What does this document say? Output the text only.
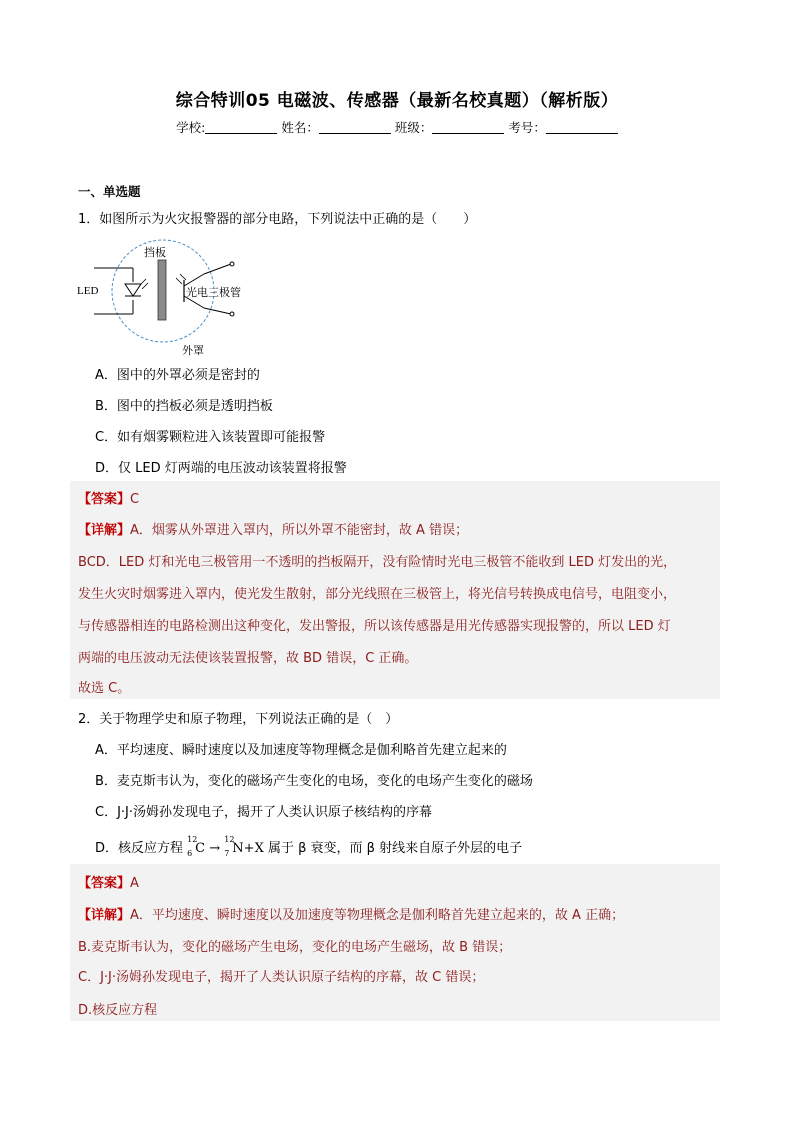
综合特训05 电磁波、传感器（最新名校真题）（解析版）
学校:	姓名：	班级：	考号：
一、单选题
1．如图所示为火灾报警器的部分电路，下列说法中正确的是（　　）
LED
挡板
光电三极管
外罩
A．图中的外罩必须是密封的
B．图中的挡板必须是透明挡板
C．如有烟雾颗粒进入该装置即可能报警
D．仅 LED 灯两端的电压波动该装置将报警
【答案】C
【详解】A．烟雾从外罩进入罩内，所以外罩不能密封，故 A 错误；
BCD．LED 灯和光电三极管用一不透明的挡板隔开，没有险情时光电三极管不能收到 LED 灯发出的光，
发生火灾时烟雾进入罩内，使光发生散射，部分光线照在三极管上，将光信号转换成电信号，电阻变小，
与传感器相连的电路检测出这种变化，发出警报，所以该传感器是用光传感器实现报警的，所以 LED 灯
两端的电压波动无法使该装置报警，故 BD 错误，C 正确。
故选 C。
2．关于物理学史和原子物理，下列说法正确的是（　）
A．平均速度、瞬时速度以及加速度等物理概念是伽利略首先建立起来的
B．麦克斯韦认为，变化的磁场产生变化的电场，变化的电场产生变化的磁场
C．J·J·汤姆孙发现电子，揭开了人类认识原子核结构的序幕
D．核反应方程
12
6 C →
12
7 N+X 属于 β 衰变，而 β 射线来自原子外层的电子
【答案】A
【详解】A．平均速度、瞬时速度以及加速度等物理概念是伽利略首先建立起来的，故 A 正确；
B.麦克斯韦认为，变化的磁场产生电场，变化的电场产生磁场，故 B 错误；
C．J·J·汤姆孙发现电子，揭开了人类认识原子结构的序幕，故 C 错误；
D.核反应方程
